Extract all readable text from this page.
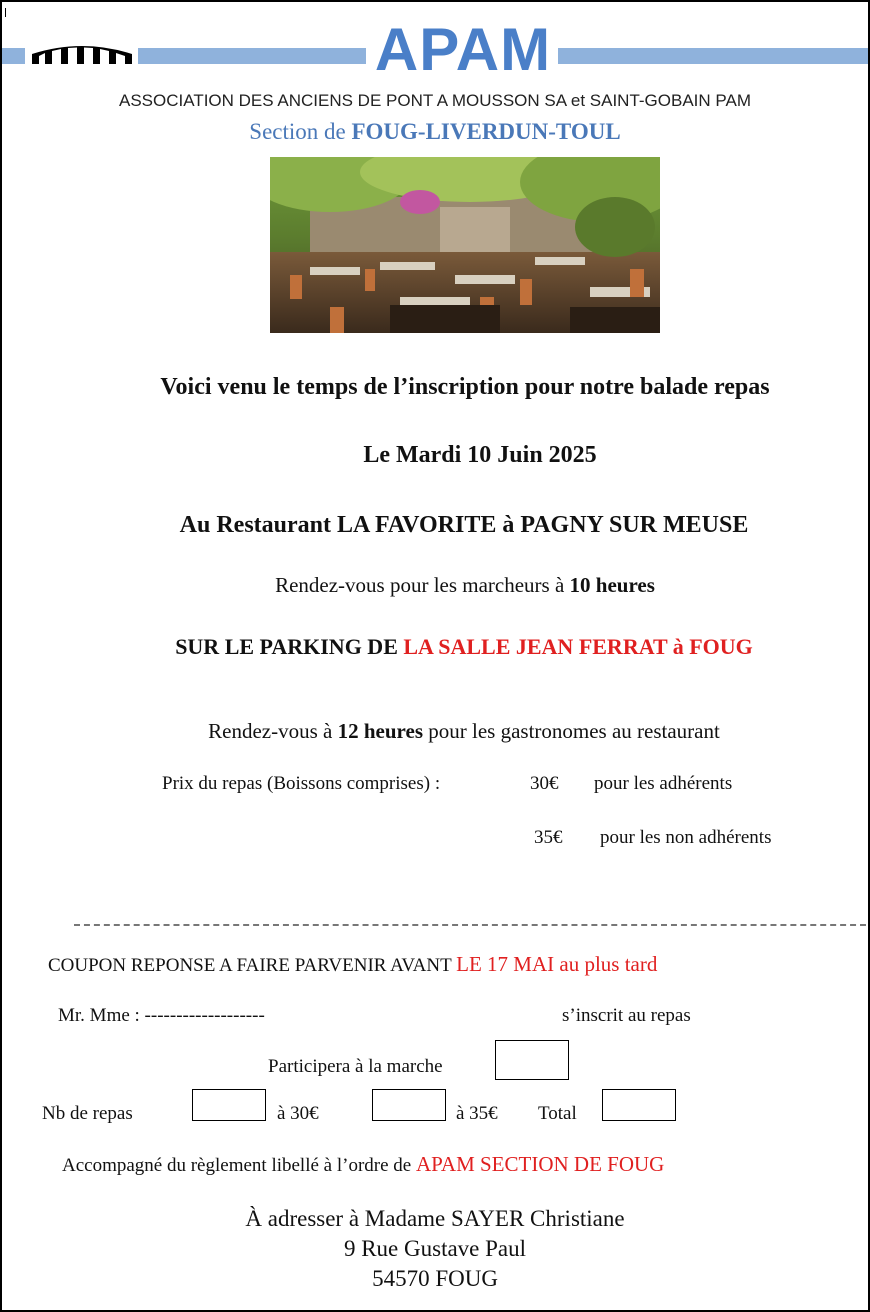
APAM
ASSOCIATION DES ANCIENS DE PONT A MOUSSON SA et SAINT-GOBAIN PAM
Section de FOUG-LIVERDUN-TOUL
Voici venu le temps de l’inscription pour notre balade repas
Le Mardi 10 Juin 2025
Au Restaurant LA FAVORITE à PAGNY SUR MEUSE
Rendez-vous pour les marcheurs à 10 heures
SUR LE PARKING DE LA SALLE JEAN FERRAT à FOUG
Rendez-vous à 12 heures pour les gastronomes au restaurant
Prix du repas (Boissons comprises) :	30€ pour les adhérents
35€ pour les non adhérents
COUPON REPONSE A FAIRE PARVENIR AVANT LE 17 MAI au plus tard
Mr. Mme : -------------------	s’inscrit au repas
Participera à la marche
Nb de repas	à 30€	à 35€ Total
Accompagné du règlement libellé à l’ordre de APAM SECTION DE FOUG
À adresser à Madame SAYER Christiane
9 Rue Gustave Paul
54570 FOUG
